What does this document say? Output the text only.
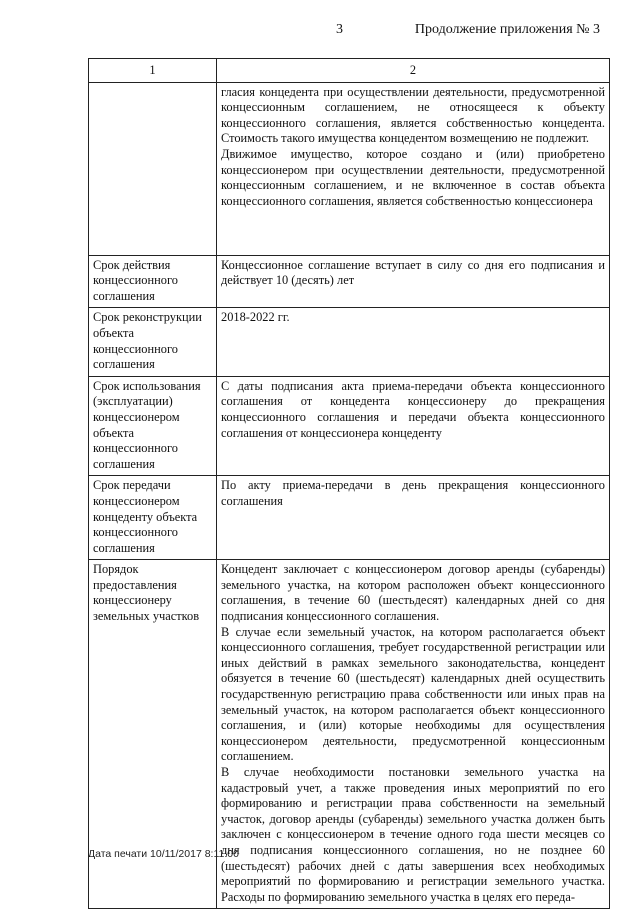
3	Продолжение приложения № 3
1	2

	гласия концедента при осуществлении деятельности, предусмотренной концессионным соглашением, не относящееся к объекту концессионного соглашения, является собственностью концедента. Стоимость такого имущества концедентом возмещению не подлежит.
Движимое имущество, которое создано и (или) приобретено концессионером при осуществлении деятельности, предусмотренной концессионным соглашением, и не включенное в состав объекта концессионного соглашения, является собственностью концессионера

Срок действия концессионного соглашения	Концессионное соглашение вступает в силу со дня его подписания и действует 10 (десять) лет

Срок реконструкции объекта концессионного соглашения	2018-2022 гг.

Срок использования (эксплуатации) концессионером объекта концессионного соглашения	С даты подписания акта приема-передачи объекта концессионного соглашения от концедента концессионеру до прекращения концессионного соглашения и передачи объекта концессионного соглашения от концессионера концеденту

Срок передачи концессионером концеденту объекта концессионного соглашения	По акту приема-передачи в день прекращения концессионного соглашения

Порядок предоставления концессионеру земельных участков	Концедент заключает с концессионером договор аренды (субаренды) земельного участка, на котором расположен объект концессионного соглашения, в течение 60 (шестьдесят) календарных дней со дня подписания концессионного соглашения.
В случае если земельный участок, на котором располагается объект концессионного соглашения, требует государственной регистрации или иных действий в рамках земельного законодательства, концедент обязуется в течение 60 (шестьдесят) календарных дней осуществить государственную регистрацию права собственности или иных прав на земельный участок, на котором располагается объект концессионного соглашения, и (или) которые необходимы для осуществления концессионером деятельности, предусмотренной концессионным соглашением.
В случае необходимости постановки земельного участка на кадастровый учет, а также проведения иных мероприятий по его формированию и регистрации права собственности на земельный участок, договор аренды (субаренды) земельного участка должен быть заключен с концессионером в течение одного года шести месяцев со дня подписания концессионного соглашения, но не позднее 60 (шестьдесят) рабочих дней с даты завершения всех необходимых мероприятий по формированию и регистрации земельного участка. Расходы по формированию земельного участка в целях его переда-
Дата печати 10/11/2017 8:11:00
